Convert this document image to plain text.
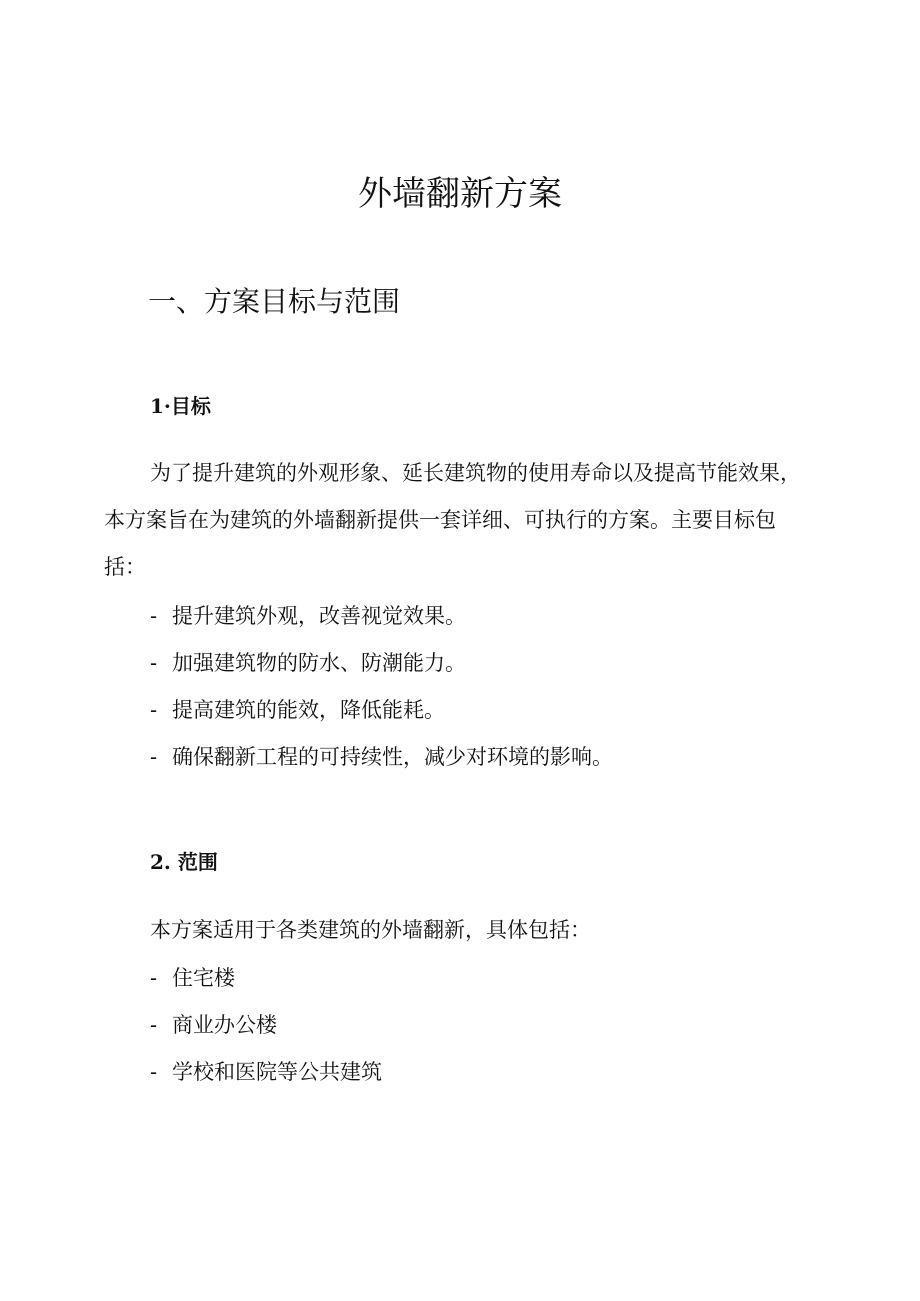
外墙翻新方案
一、方案目标与范围
1·目标

为了提升建筑的外观形象、延长建筑物的使用寿命以及提高节能效果，本方案旨在为建筑的外墙翻新提供一套详细、可执行的方案。主要目标包括：

- 提升建筑外观，改善视觉效果。
- 加强建筑物的防水、防潮能力。
- 提高建筑的能效，降低能耗。
- 确保翻新工程的可持续性，减少对环境的影响。
2. 范围

本方案适用于各类建筑的外墙翻新，具体包括：

- 住宅楼
- 商业办公楼
- 学校和医院等公共建筑
